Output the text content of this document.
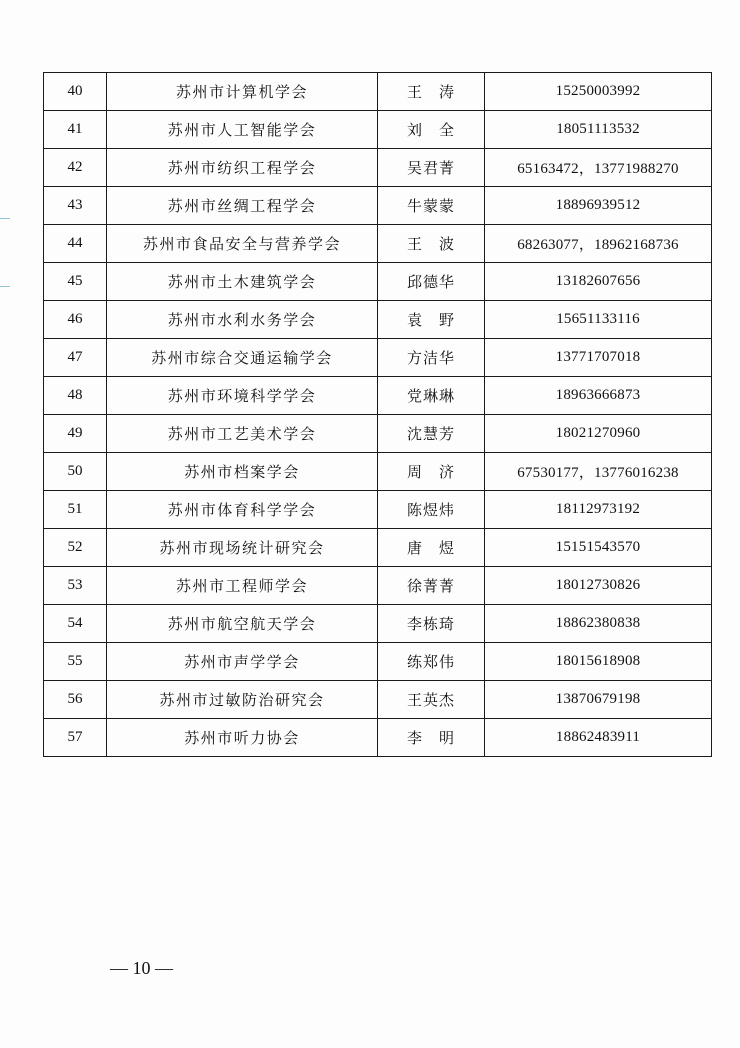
40	苏州市计算机学会	王　涛	15250003992
41	苏州市人工智能学会	刘　全	18051113532
42	苏州市纺织工程学会	吴君菁	65163472，13771988270
43	苏州市丝绸工程学会	牛蒙蒙	18896939512
44	苏州市食品安全与营养学会	王　波	68263077，18962168736
45	苏州市土木建筑学会	邱德华	13182607656
46	苏州市水利水务学会	袁　野	15651133116
47	苏州市综合交通运输学会	方洁华	13771707018
48	苏州市环境科学学会	党琳琳	18963666873
49	苏州市工艺美术学会	沈慧芳	18021270960
50	苏州市档案学会	周　济	67530177，13776016238
51	苏州市体育科学学会	陈煜炜	18112973192
52	苏州市现场统计研究会	唐　煜	15151543570
53	苏州市工程师学会	徐菁菁	18012730826
54	苏州市航空航天学会	李栋琦	18862380838
55	苏州市声学学会	练郑伟	18015618908
56	苏州市过敏防治研究会	王英杰	13870679198
57	苏州市听力协会	李　明	18862483911
— 10 —
